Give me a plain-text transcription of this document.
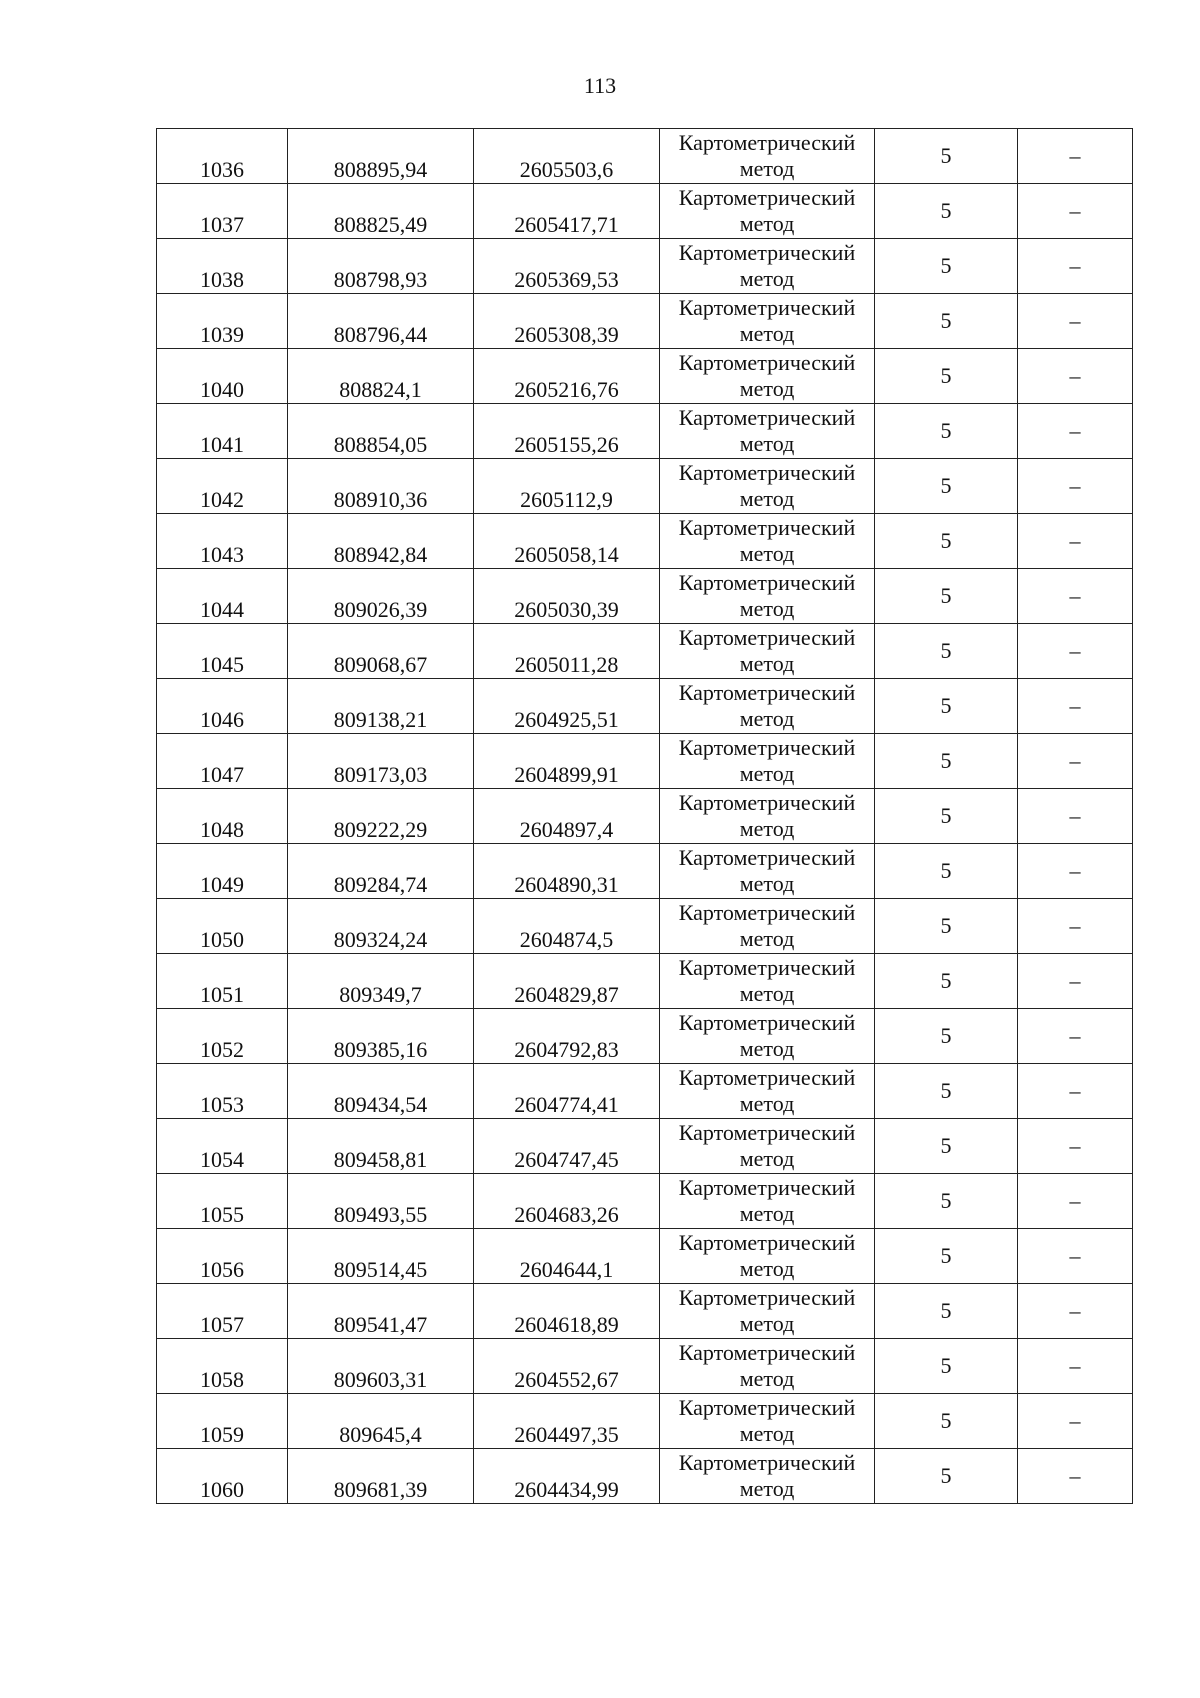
113
1036	808895,94	2605503,6	Картометрический метод	5	–
1037	808825,49	2605417,71	Картометрический метод	5	–
1038	808798,93	2605369,53	Картометрический метод	5	–
1039	808796,44	2605308,39	Картометрический метод	5	–
1040	808824,1	2605216,76	Картометрический метод	5	–
1041	808854,05	2605155,26	Картометрический метод	5	–
1042	808910,36	2605112,9	Картометрический метод	5	–
1043	808942,84	2605058,14	Картометрический метод	5	–
1044	809026,39	2605030,39	Картометрический метод	5	–
1045	809068,67	2605011,28	Картометрический метод	5	–
1046	809138,21	2604925,51	Картометрический метод	5	–
1047	809173,03	2604899,91	Картометрический метод	5	–
1048	809222,29	2604897,4	Картометрический метод	5	–
1049	809284,74	2604890,31	Картометрический метод	5	–
1050	809324,24	2604874,5	Картометрический метод	5	–
1051	809349,7	2604829,87	Картометрический метод	5	–
1052	809385,16	2604792,83	Картометрический метод	5	–
1053	809434,54	2604774,41	Картометрический метод	5	–
1054	809458,81	2604747,45	Картометрический метод	5	–
1055	809493,55	2604683,26	Картометрический метод	5	–
1056	809514,45	2604644,1	Картометрический метод	5	–
1057	809541,47	2604618,89	Картометрический метод	5	–
1058	809603,31	2604552,67	Картометрический метод	5	–
1059	809645,4	2604497,35	Картометрический метод	5	–
1060	809681,39	2604434,99	Картометрический метод	5	–
